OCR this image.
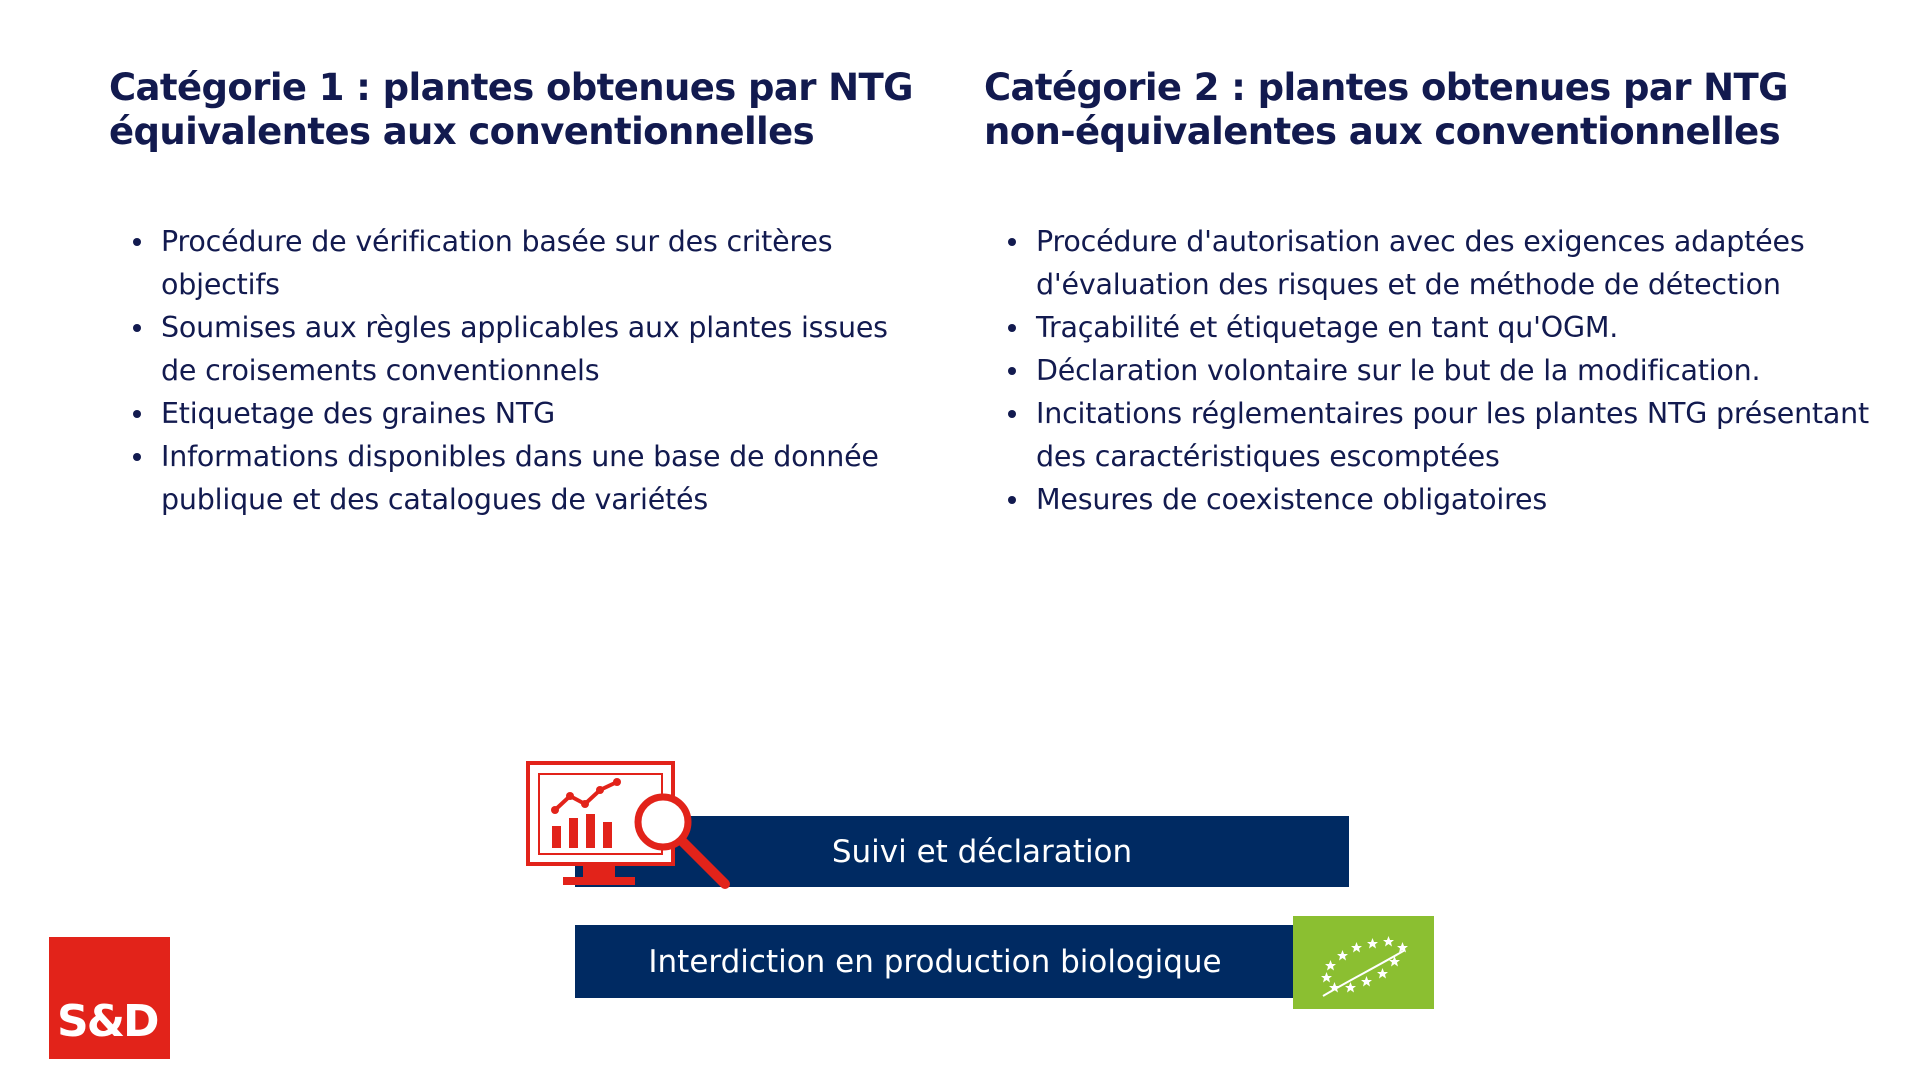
Catégorie 1 : plantes obtenues par NTG équivalentes aux conventionnelles
Procédure de vérification basée sur des critères objectifs
Soumises aux règles applicables aux plantes issues de croisements conventionnels
Etiquetage des graines NTG
Informations disponibles dans une base de donnée publique et des catalogues de variétés
Catégorie 2 : plantes obtenues par NTG non-équivalentes aux conventionnelles
Procédure d'autorisation avec des exigences adaptées d'évaluation des risques et de méthode de détection
Traçabilité et étiquetage en tant qu'OGM.
Déclaration volontaire sur le but de la modification.
Incitations réglementaires pour les plantes NTG présentant des caractéristiques escomptées
Mesures de coexistence obligatoires
Suivi et déclaration
Interdiction en production biologique
S&D
